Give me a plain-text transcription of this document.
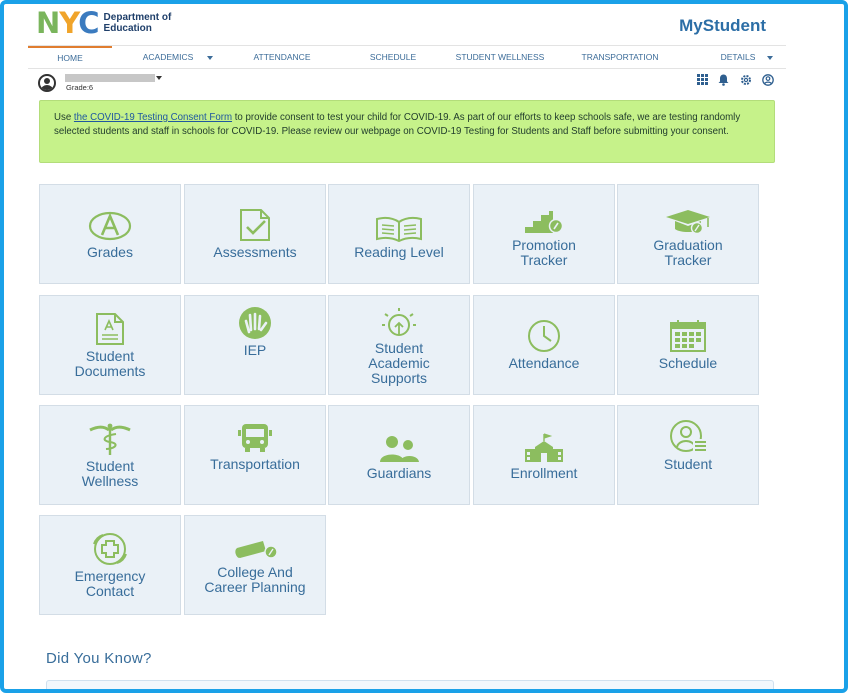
NYC Department of
Education	MyStudent
HOME	ACADEMICS	ATTENDANCE	SCHEDULE	STUDENT WELLNESS	TRANSPORTATION	DETAILS
Grade:6
Use the COVID-19 Testing Consent Form to provide consent to test your child for COVID-19. As part of our efforts to keep schools safe, we are testing randomly selected students and staff in schools for COVID-19. Please review our webpage on COVID-19 Testing for Students and Staff before submitting your consent.
Grades	Assessments	Reading Level	Promotion
Tracker
Graduation
Tracker
Student
Documents
IEP	Student
Academic
Supports
Attendance	Schedule
Student
Wellness
Transportation
Guardians	Enrollment
Student
Emergency
Contact
College And
Career Planning
Did You Know?
